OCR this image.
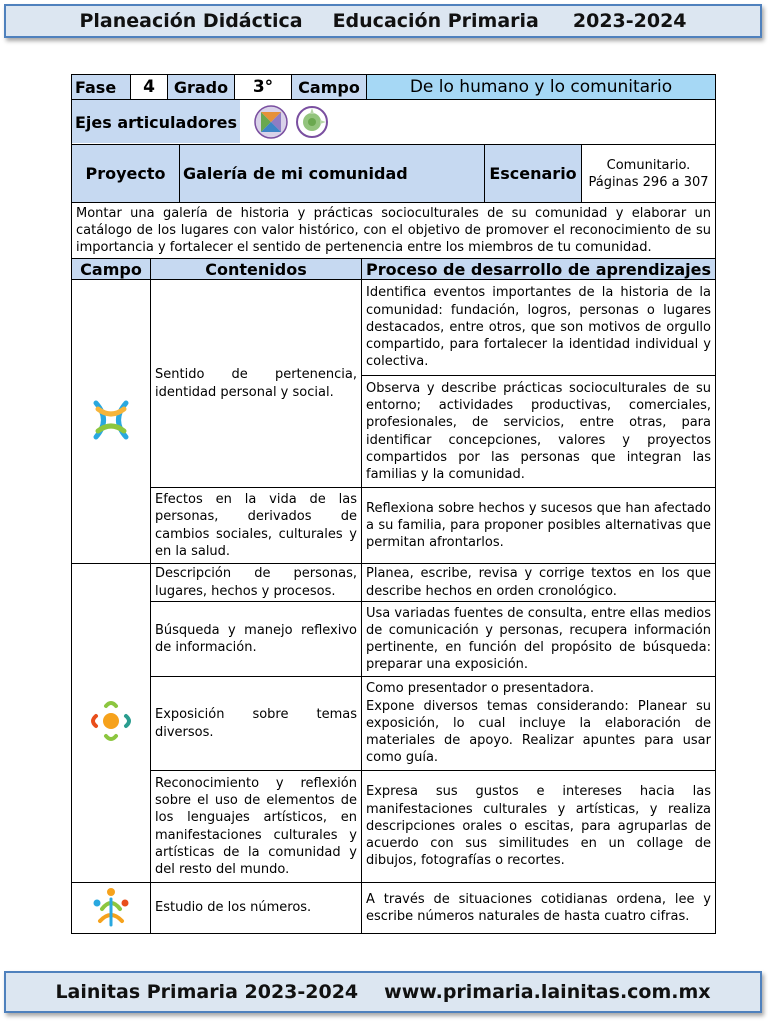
Planeación Didáctica Educación Primaria 2023-2024
Fase	4	Grado	3°	Campo	De lo humano y lo comunitario
Ejes articuladores
Proyecto	Galería de mi comunidad	Escenario	Comunitario. Páginas 296 a 307
Montar una galería de historia y prácticas socioculturales de su comunidad y elaborar un catálogo de los lugares con valor histórico, con el objetivo de promover el reconocimiento de su importancia y fortalecer el sentido de pertenencia entre los miembros de tu comunidad.
Campo	Contenidos	Proceso de desarrollo de aprendizajes

	Sentido de pertenencia, identidad personal y social.	Identifica eventos importantes de la historia de la comunidad: fundación, logros, personas o lugares destacados, entre otros, que son motivos de orgullo compartido, para fortalecer la identidad individual y colectiva.
		Observa y describe prácticas socioculturales de su entorno; actividades productivas, comerciales, profesionales, de servicios, entre otras, para identificar concepciones, valores y proyectos compartidos por las personas que integran las familias y la comunidad.
	Efectos en la vida de las personas, derivados de cambios sociales, culturales y en la salud.	Reflexiona sobre hechos y sucesos que han afectado a su familia, para proponer posibles alternativas que permitan afrontarlos.

	Descripción de personas, lugares, hechos y procesos.	Planea, escribe, revisa y corrige textos en los que describe hechos en orden cronológico.
	Búsqueda y manejo reflexivo de información.	Usa variadas fuentes de consulta, entre ellas medios de comunicación y personas, recupera información pertinente, en función del propósito de búsqueda: preparar una exposición.
	Exposición sobre temas diversos.	Como presentador o presentadora.
Expone diversos temas considerando: Planear su exposición, lo cual incluye la elaboración de materiales de apoyo. Realizar apuntes para usar como guía.

	Reconocimiento y reflexión sobre el uso de elementos de los lenguajes artísticos, en manifestaciones culturales y artísticas de la comunidad y del resto del mundo.	Expresa sus gustos e intereses hacia las manifestaciones culturales y artísticas, y realiza descripciones orales o escitas, para agruparlas de acuerdo con sus similitudes en un collage de dibujos, fotografías o recortes.

	Estudio de los números.	A través de situaciones cotidianas ordena, lee y escribe números naturales de hasta cuatro cifras.
Lainitas Primaria 2023-2024 www.primaria.lainitas.com.mx
